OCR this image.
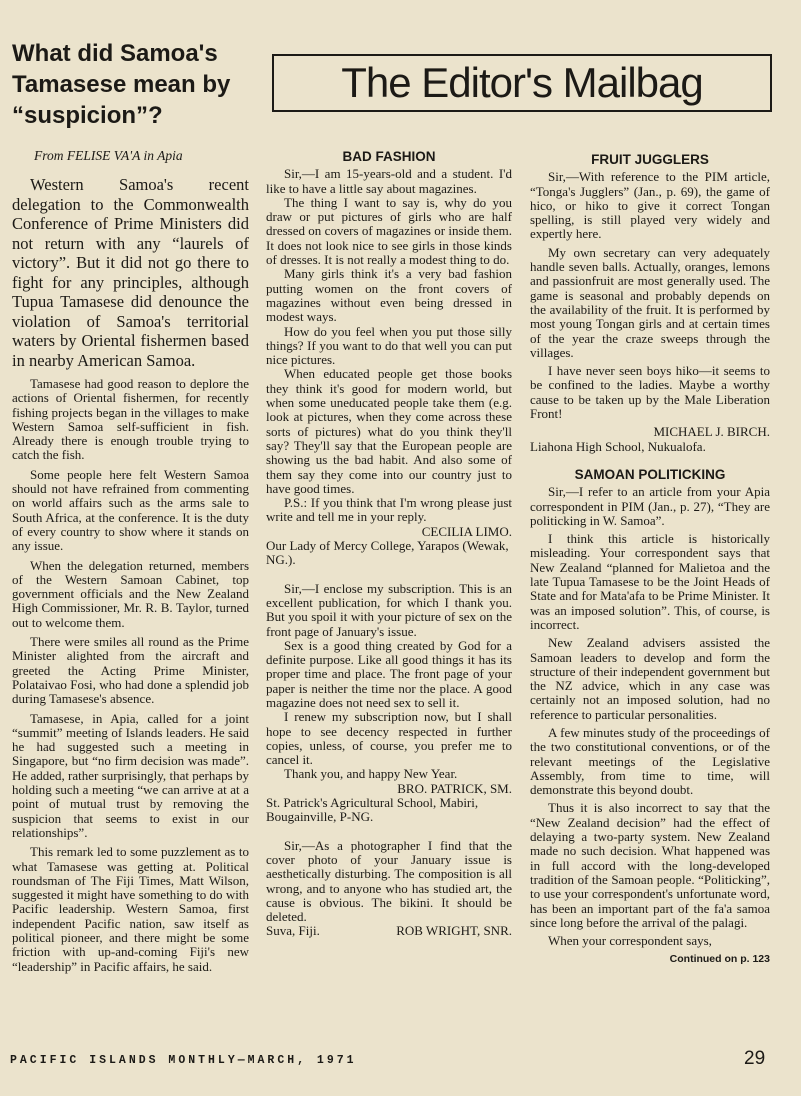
What did Samoa's Tamasese mean by “suspicion”?

From FELISE VA'A in Apia

Western Samoa's recent delegation to the Commonwealth Conference of Prime Ministers did not return with any “laurels of victory”. But it did not go there to fight for any principles, although Tupua Tamasese did denounce the violation of Samoa's territorial waters by Oriental fishermen based in nearby American Samoa.

Tamasese had good reason to deplore the actions of Oriental fishermen, for recently fishing projects began in the villages to make Western Samoa self-sufficient in fish. Already there is enough trouble trying to catch the fish.

Some people here felt Western Samoa should not have refrained from commenting on world affairs such as the arms sale to South Africa, at the conference. It is the duty of every country to show where it stands on any issue.

When the delegation returned, members of the Western Samoan Cabinet, top government officials and the New Zealand High Commissioner, Mr. R. B. Taylor, turned out to welcome them.

There were smiles all round as the Prime Minister alighted from the aircraft and greeted the Acting Prime Minister, Polataivao Fosi, who had done a splendid job during Tamasese's absence.

Tamasese, in Apia, called for a joint “summit” meeting of Islands leaders. He said he had suggested such a meeting in Singapore, but “no firm decision was made”. He added, rather surprisingly, that perhaps by holding such a meeting “we can arrive at at a point of mutual trust by removing the suspicion that seems to exist in our relationships”.

This remark led to some puzzlement as to what Tamasese was getting at. Political roundsman of The Fiji Times, Matt Wilson, suggested it might have something to do with Pacific leadership. Western Samoa, first independent Pacific nation, saw itself as political pioneer, and there might be some friction with up-and-coming Fiji's new “leadership” in Pacific affairs, he said.

The Editor's Mailbag

BAD FASHION

Sir,—I am 15-years-old and a student. I'd like to have a little say about magazines.

The thing I want to say is, why do you draw or put pictures of girls who are half dressed on covers of magazines or inside them. It does not look nice to see girls in those kinds of dresses. It is not really a modest thing to do.

Many girls think it's a very bad fashion putting women on the front covers of magazines without even being dressed in modest ways.

How do you feel when you put those silly things? If you want to do that well you can put nice pictures.

When educated people get those books they think it's good for modern world, but when some uneducated people take them (e.g. look at pictures, when they come across these sorts of pictures) what do you think they'll say? They'll say that the European people are showing us the bad habit. And also some of them say they come into our country just to have good times.

P.S.: If you think that I'm wrong please just write and tell me in your reply.

CECILIA LIMO.

Our Lady of Mercy College, Yarapos (Wewak, NG.).

Sir,—I enclose my subscription. This is an excellent publication, for which I thank you. But you spoil it with your picture of sex on the front page of January's issue.

Sex is a good thing created by God for a definite purpose. Like all good things it has its proper time and place. The front page of your paper is neither the time nor the place. A good magazine does not need sex to sell it.

I renew my subscription now, but I shall hope to see decency respected in further copies, unless, of course, you prefer me to cancel it.

Thank you, and happy New Year.

BRO. PATRICK, SM.

St. Patrick's Agricultural School, Mabiri, Bougainville, P-NG.

Sir,—As a photographer I find that the cover photo of your January issue is aesthetically disturbing. The composition is all wrong, and to anyone who has studied art, the cause is obvious. The bikini. It should be deleted.

Suva, Fiji.	ROB WRIGHT, SNR.

FRUIT JUGGLERS

Sir,—With reference to the PIM article, “Tonga's Jugglers” (Jan., p. 69), the game of hico, or hiko to give it correct Tongan spelling, is still played very widely and expertly here.

My own secretary can very adequately handle seven balls. Actually, oranges, lemons and passionfruit are most generally used. The game is seasonal and probably depends on the availability of the fruit. It is performed by most young Tongan girls and at certain times of the year the craze sweeps through the villages.

I have never seen boys hiko—it seems to be confined to the ladies. Maybe a worthy cause to be taken up by the Male Liberation Front!

MICHAEL J. BIRCH.

Liahona High School, Nukualofa.

SAMOAN POLITICKING

Sir,—I refer to an article from your Apia correspondent in PIM (Jan., p. 27), “They are politicking in W. Samoa”.

I think this article is historically misleading. Your correspondent says that New Zealand “planned for Malietoa and the late Tupua Tamasese to be the Joint Heads of State and for Mata'afa to be Prime Minister. It was an imposed solution”. This, of course, is incorrect.

New Zealand advisers assisted the Samoan leaders to develop and form the structure of their independent government but the NZ advice, which in any case was certainly not an imposed solution, had no reference to particular personalities.

A few minutes study of the proceedings of the two constitutional conventions, or of the relevant meetings of the Legislative Assembly, from time to time, will demonstrate this beyond doubt.

Thus it is also incorrect to say that the “New Zealand decision” had the effect of delaying a two-party system. New Zealand made no such decision. What happened was in full accord with the long-developed tradition of the Samoan people. “Politicking”, to use your correspondent's unfortunate word, has been an important part of the fa'a samoa since long before the arrival of the palagi.

When your correspondent says,

Continued on p. 123

PACIFIC ISLANDS MONTHLY—MARCH, 1971	29
